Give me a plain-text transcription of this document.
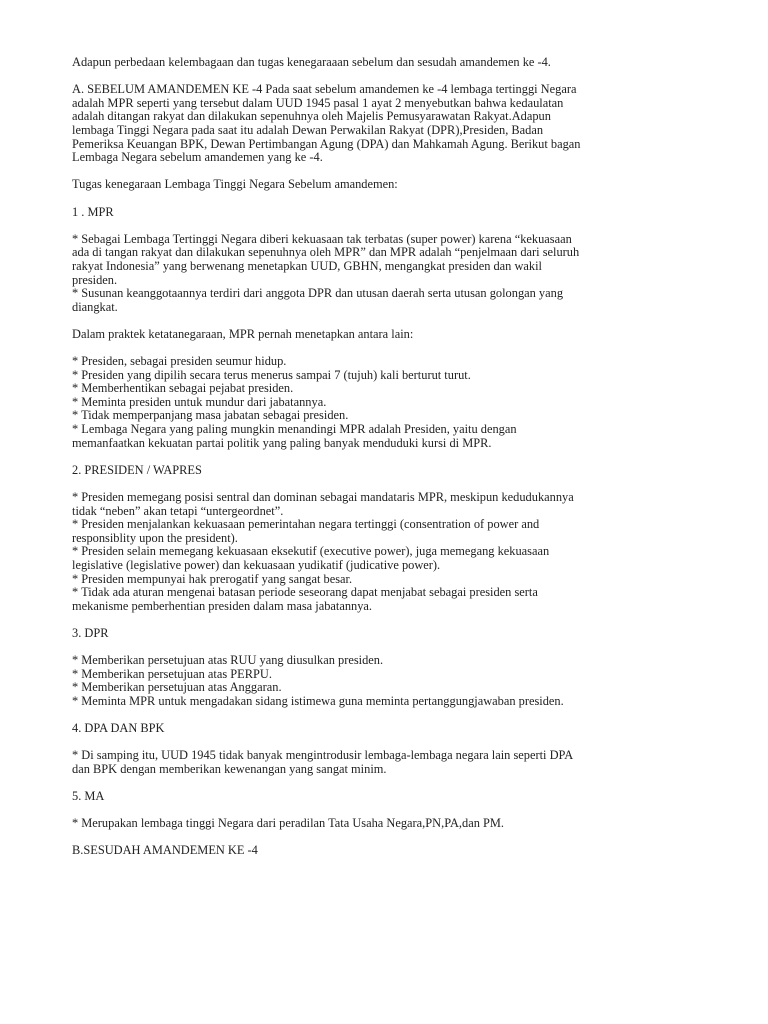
Adapun perbedaan kelembagaan dan tugas kenegaraaan sebelum dan sesudah amandemen ke -4.
A. SEBELUM AMANDEMEN KE -4 Pada saat sebelum amandemen ke -4 lembaga tertinggi Negara
adalah MPR seperti yang tersebut dalam UUD 1945 pasal 1 ayat 2 menyebutkan bahwa kedaulatan
adalah ditangan rakyat dan dilakukan sepenuhnya oleh Majelis Pemusyarawatan Rakyat.Adapun
lembaga Tinggi Negara pada saat itu adalah Dewan Perwakilan Rakyat (DPR),Presiden, Badan
Pemeriksa Keuangan BPK, Dewan Pertimbangan Agung (DPA) dan Mahkamah Agung. Berikut bagan
Lembaga Negara sebelum amandemen yang ke -4.
Tugas kenegaraan Lembaga Tinggi Negara Sebelum amandemen:
1 . MPR
* Sebagai Lembaga Tertinggi Negara diberi kekuasaan tak terbatas (super power) karena “kekuasaan
ada di tangan rakyat dan dilakukan sepenuhnya oleh MPR” dan MPR adalah “penjelmaan dari seluruh
rakyat Indonesia” yang berwenang menetapkan UUD, GBHN, mengangkat presiden dan wakil
presiden.
* Susunan keanggotaannya terdiri dari anggota DPR dan utusan daerah serta utusan golongan yang
diangkat.
Dalam praktek ketatanegaraan, MPR pernah menetapkan antara lain:
* Presiden, sebagai presiden seumur hidup.
* Presiden yang dipilih secara terus menerus sampai 7 (tujuh) kali berturut turut.
* Memberhentikan sebagai pejabat presiden.
* Meminta presiden untuk mundur dari jabatannya.
* Tidak memperpanjang masa jabatan sebagai presiden.
* Lembaga Negara yang paling mungkin menandingi MPR adalah Presiden, yaitu dengan
memanfaatkan kekuatan partai politik yang paling banyak menduduki kursi di MPR.
2. PRESIDEN / WAPRES
* Presiden memegang posisi sentral dan dominan sebagai mandataris MPR, meskipun kedudukannya
tidak “neben” akan tetapi “untergeordnet”.
* Presiden menjalankan kekuasaan pemerintahan negara tertinggi (consentration of power and
responsiblity upon the president).
* Presiden selain memegang kekuasaan eksekutif (executive power), juga memegang kekuasaan
legislative (legislative power) dan kekuasaan yudikatif (judicative power).
* Presiden mempunyai hak prerogatif yang sangat besar.
* Tidak ada aturan mengenai batasan periode seseorang dapat menjabat sebagai presiden serta
mekanisme pemberhentian presiden dalam masa jabatannya.
3. DPR
* Memberikan persetujuan atas RUU yang diusulkan presiden.
* Memberikan persetujuan atas PERPU.
* Memberikan persetujuan atas Anggaran.
* Meminta MPR untuk mengadakan sidang istimewa guna meminta pertanggungjawaban presiden.
4. DPA DAN BPK
* Di samping itu, UUD 1945 tidak banyak mengintrodusir lembaga-lembaga negara lain seperti DPA
dan BPK dengan memberikan kewenangan yang sangat minim.
5. MA
* Merupakan lembaga tinggi Negara dari peradilan Tata Usaha Negara,PN,PA,dan PM.
B.SESUDAH AMANDEMEN KE -4
